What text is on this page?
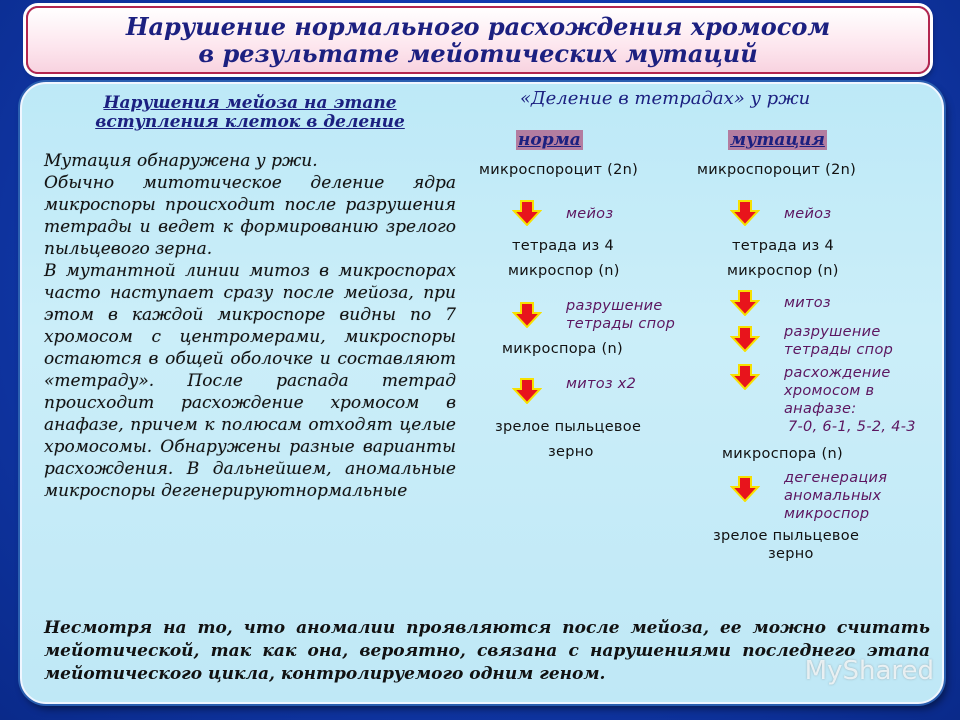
Нарушение нормального расхождения хромосом
в результате мейотических мутаций
Нарушения мейоза на этапе
вступления клеток в деление

Мутация обнаружена у ржи.

Обычно митотическое деление ядра микроспоры происходит после разрушения тетрады и ведет к формированию зрелого пыльцевого зерна.

В мутантной линии митоз в микроспорах часто наступает сразу после мейоза, при этом в каждой микроспоре видны по 7 хромосом с центромерами, микроспоры остаются в общей оболочке и составляют «тетраду». После распада тетрад происходит расхождение хромосом в анафазе, причем к полюсам отходят целые хромосомы. Обнаружены разные варианты расхождения. В дальнейшем, аномальные микроспоры дегенерируютнормальные

«Деление в тетрадах» у ржи
норма
микроспороцит (2n)
мейоз
тетрада из 4
микроспор (n)
разрушение
тетрады спор
микроспора (n)
митоз х2
зрелое пыльцевое
зерно
мутация
микроспороцит (2n)
мейоз
тетрада из 4
микроспор (n)
митоз
разрушение
тетрады спор
расхождение
хромосом в
анафазе:
7-0, 6-1, 5-2, 4-3
микроспора (n)
дегенерация
аномальных
микроспор
зрелое пыльцевое
зерно
Несмотря на то, что аномалии проявляются после мейоза, ее можно считать мейотической, так как она, вероятно, связана с нарушениями последнего этапа мейотического цикла, контролируемого одним геном.	MyShared
